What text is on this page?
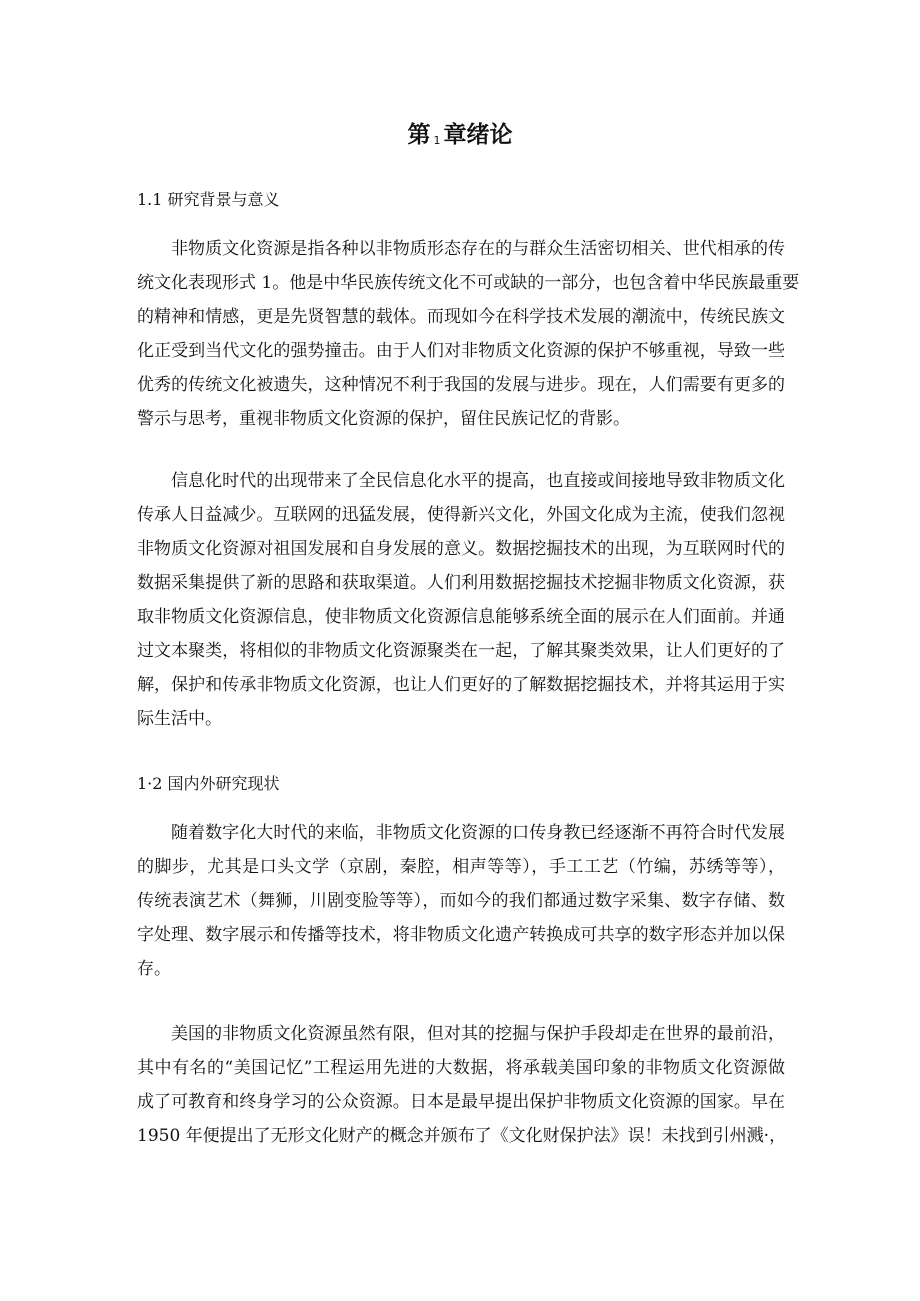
第 1 章绪论
1.1 研究背景与意义

非物质文化资源是指各种以非物质形态存在的与群众生活密切相关、世代相承的传
统文化表现形式 1。他是中华民族传统文化不可或缺的一部分，也包含着中华民族最重要
的精神和情感，更是先贤智慧的载体。而现如今在科学技术发展的潮流中，传统民族文
化正受到当代文化的强势撞击。由于人们对非物质文化资源的保护不够重视，导致一些
优秀的传统文化被遗失，这种情况不利于我国的发展与进步。现在，人们需要有更多的
警示与思考，重视非物质文化资源的保护，留住民族记忆的背影。

信息化时代的出现带来了全民信息化水平的提高，也直接或间接地导致非物质文化
传承人日益减少。互联网的迅猛发展，使得新兴文化，外国文化成为主流，使我们忽视
非物质文化资源对祖国发展和自身发展的意义。数据挖掘技术的出现，为互联网时代的
数据采集提供了新的思路和获取渠道。人们利用数据挖掘技术挖掘非物质文化资源，获
取非物质文化资源信息，使非物质文化资源信息能够系统全面的展示在人们面前。并通
过文本聚类，将相似的非物质文化资源聚类在一起，了解其聚类效果，让人们更好的了
解，保护和传承非物质文化资源，也让人们更好的了解数据挖掘技术，并将其运用于实
际生活中。

1·2 国内外研究现状

随着数字化大时代的来临，非物质文化资源的口传身教已经逐渐不再符合时代发展
的脚步，尤其是口头文学（京剧，秦腔，相声等等），手工工艺（竹编，苏绣等等），
传统表演艺术（舞狮，川剧变脸等等），而如今的我们都通过数字采集、数字存储、数
字处理、数字展示和传播等技术，将非物质文化遗产转换成可共享的数字形态并加以保
存。

美国的非物质文化资源虽然有限，但对其的挖掘与保护手段却走在世界的最前沿，
其中有名的“美国记忆”工程运用先进的大数据，将承载美国印象的非物质文化资源做
成了可教育和终身学习的公众资源。日本是最早提出保护非物质文化资源的国家。早在
1950 年便提出了无形文化财产的概念并颁布了《文化财保护法》误！未找到引州溅·，
